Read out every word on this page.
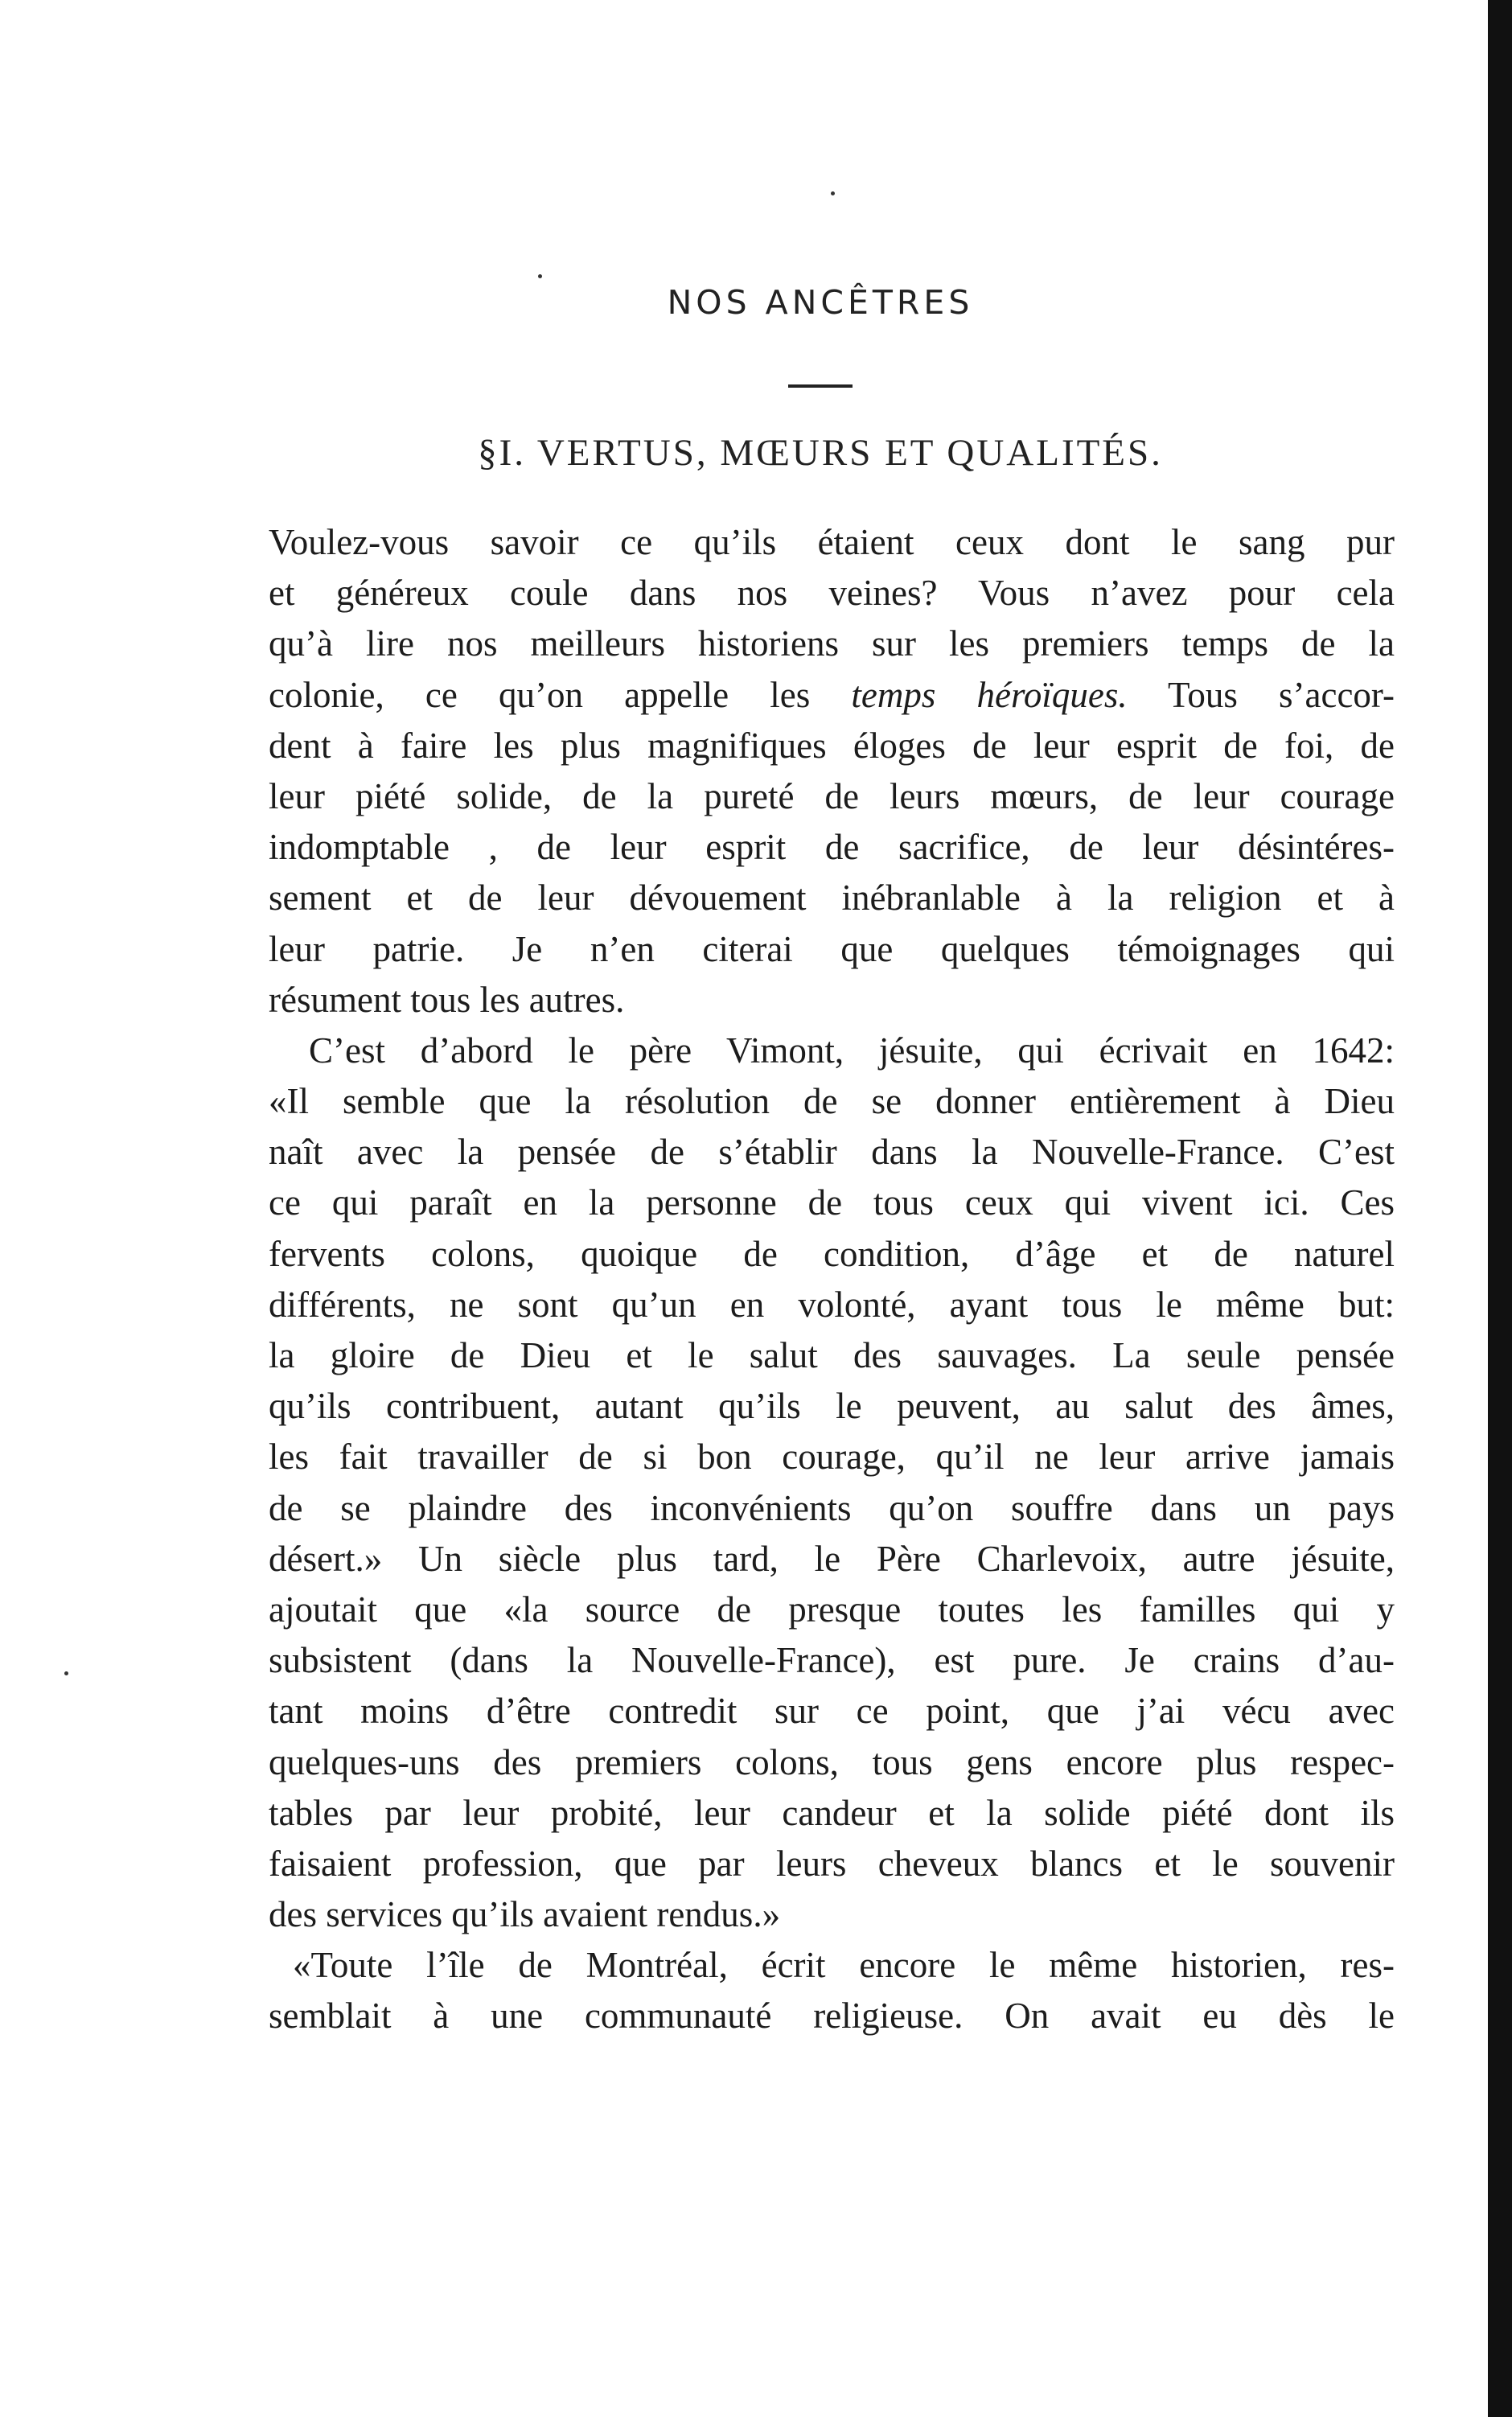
NOS ANCÊTRES
§I. VERTUS, MŒURS ET QUALITÉS.
Voulez-vous savoir ce qu’ils étaient ceux dont le sang pur
et généreux coule dans nos veines? Vous n’avez pour cela
qu’à lire nos meilleurs historiens sur les premiers temps de la
colonie, ce qu’on appelle les temps héroïques. Tous s’accor-
dent à faire les plus magnifiques éloges de leur esprit de foi, de
leur piété solide, de la pureté de leurs mœurs, de leur courage
indomptable , de leur esprit de sacrifice, de leur désintéres-
sement et de leur dévouement inébranlable à la religion et à
leur patrie. Je n’en citerai que quelques témoignages qui
résument tous les autres.
C’est d’abord le père Vimont, jésuite, qui écrivait en 1642:
«Il semble que la résolution de se donner entièrement à Dieu
naît avec la pensée de s’établir dans la Nouvelle-France. C’est
ce qui paraît en la personne de tous ceux qui vivent ici. Ces
fervents colons, quoique de condition, d’âge et de naturel
différents, ne sont qu’un en volonté, ayant tous le même but:
la gloire de Dieu et le salut des sauvages. La seule pensée
qu’ils contribuent, autant qu’ils le peuvent, au salut des âmes,
les fait travailler de si bon courage, qu’il ne leur arrive jamais
de se plaindre des inconvénients qu’on souffre dans un pays
désert.» Un siècle plus tard, le Père Charlevoix, autre jésuite,
ajoutait que «la source de presque toutes les familles qui y
subsistent (dans la Nouvelle-France), est pure. Je crains d’au-
tant moins d’être contredit sur ce point, que j’ai vécu avec
quelques-uns des premiers colons, tous gens encore plus respec-
tables par leur probité, leur candeur et la solide piété dont ils
faisaient profession, que par leurs cheveux blancs et le souvenir
des services qu’ils avaient rendus.»
«Toute l’île de Montréal, écrit encore le même historien, res-
semblait à une communauté religieuse. On avait eu dès le
